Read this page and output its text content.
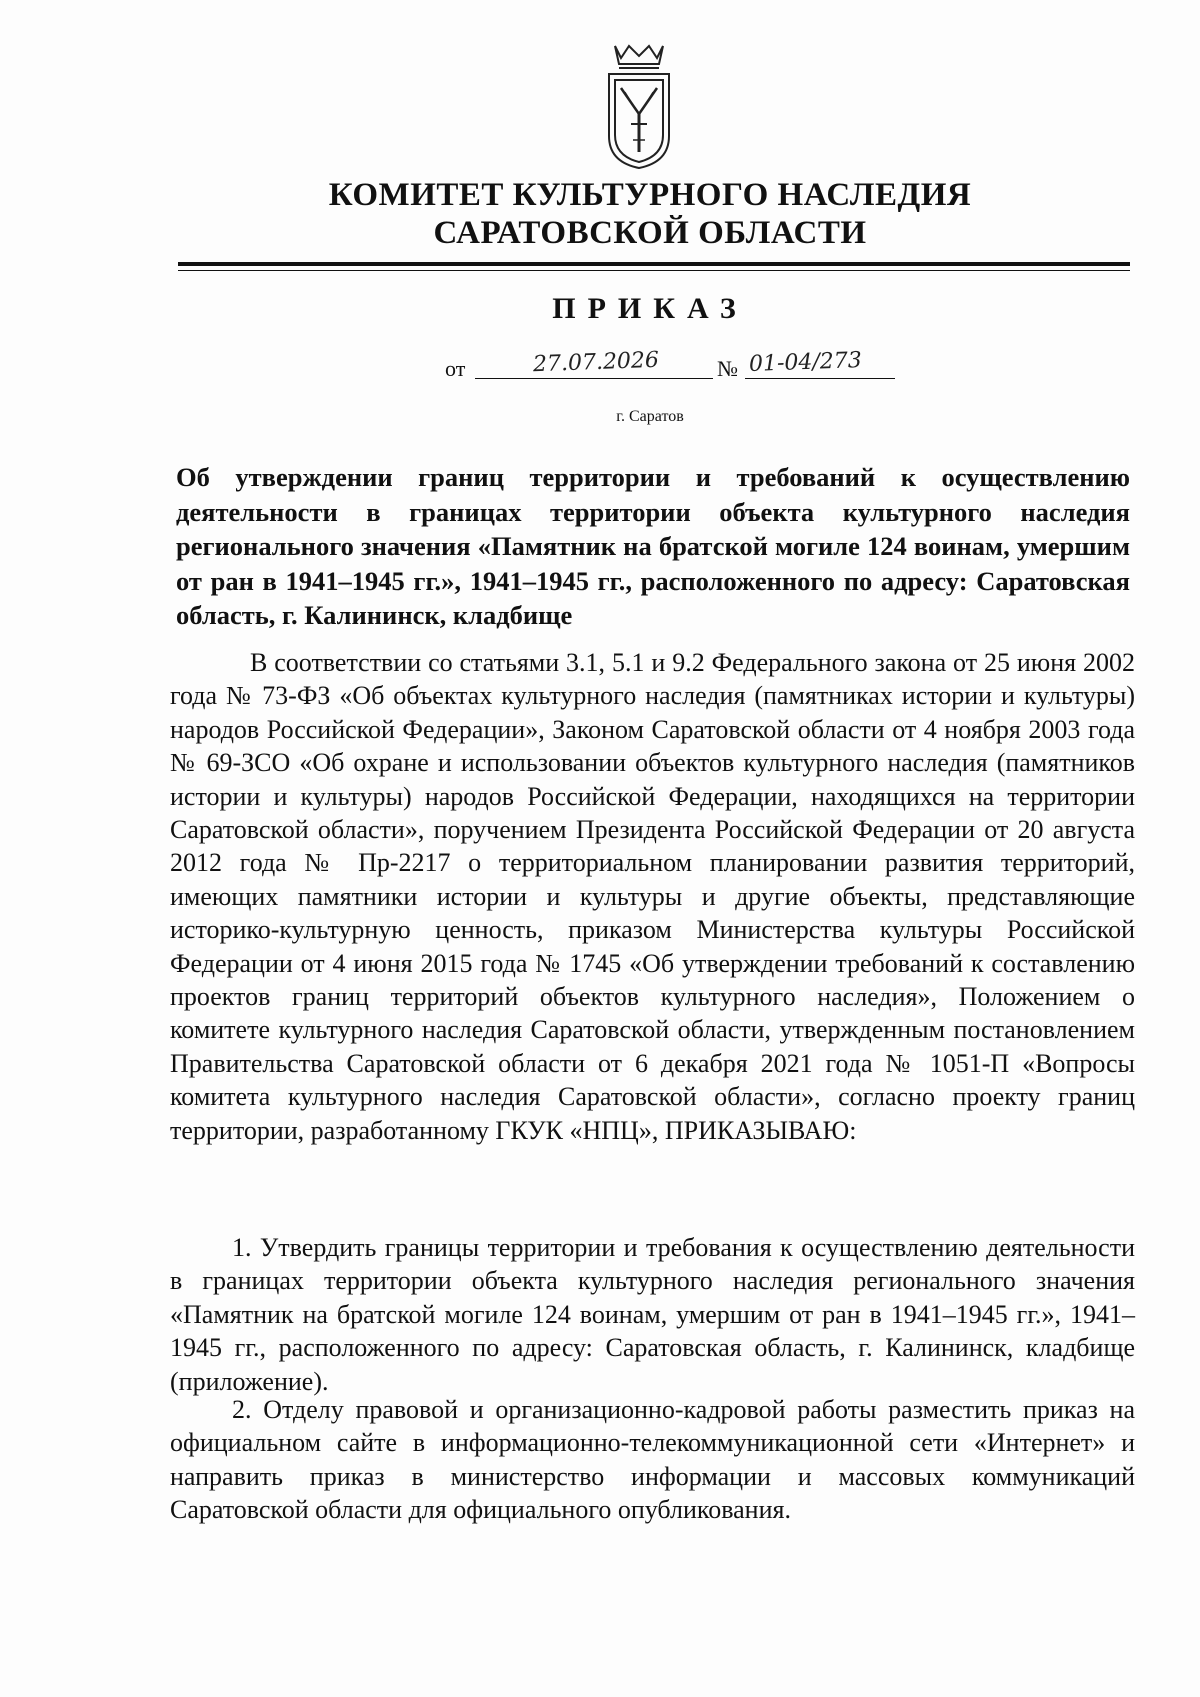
КОМИТЕТ КУЛЬТУРНОГО НАСЛЕДИЯ
САРАТОВСКОЙ ОБЛАСТИ
ПРИКАЗ
от	27.07.2026	№ 01-04/273
г. Саратов
Об утверждении границ территории и требований к осуществлению деятельности в границах территории объекта культурного наследия регионального значения «Памятник на братской могиле 124 воинам, умершим от ран в 1941–1945 гг.», 1941–1945 гг., расположенного по адресу: Саратовская область, г. Калининск, кладбище
В соответствии со статьями 3.1, 5.1 и 9.2 Федерального закона от 25 июня 2002 года № 73-ФЗ «Об объектах культурного наследия (памятниках истории и культуры) народов Российской Федерации», Законом Саратовской области от 4 ноября 2003 года № 69-ЗСО «Об охране и использовании объектов культурного наследия (памятников истории и культуры) народов Российской Федерации, находящихся на территории Саратовской области», поручением Президента Российской Федерации от 20 августа 2012 года № Пр-2217 о территориальном планировании развития территорий, имеющих памятники истории и культуры и другие объекты, представляющие историко-культурную ценность, приказом Министерства культуры Российской Федерации от 4 июня 2015 года № 1745 «Об утверждении требований к составлению проектов границ территорий объектов культурного наследия», Положением о комитете культурного наследия Саратовской области, утвержденным постановлением Правительства Саратовской области от 6 декабря 2021 года № 1051-П «Вопросы комитета культурного наследия Саратовской области», согласно проекту границ территории, разработанному ГКУК «НПЦ», ПРИКАЗЫВАЮ:
1. Утвердить границы территории и требования к осуществлению деятельности в границах территории объекта культурного наследия регионального значения «Памятник на братской могиле 124 воинам, умершим от ран в 1941–1945 гг.», 1941–1945 гг., расположенного по адресу: Саратовская область, г. Калининск, кладбище (приложение).
2. Отделу правовой и организационно-кадровой работы разместить приказ на официальном сайте в информационно-телекоммуникационной сети «Интернет» и направить приказ в министерство информации и массовых коммуникаций Саратовской области для официального опубликования.
